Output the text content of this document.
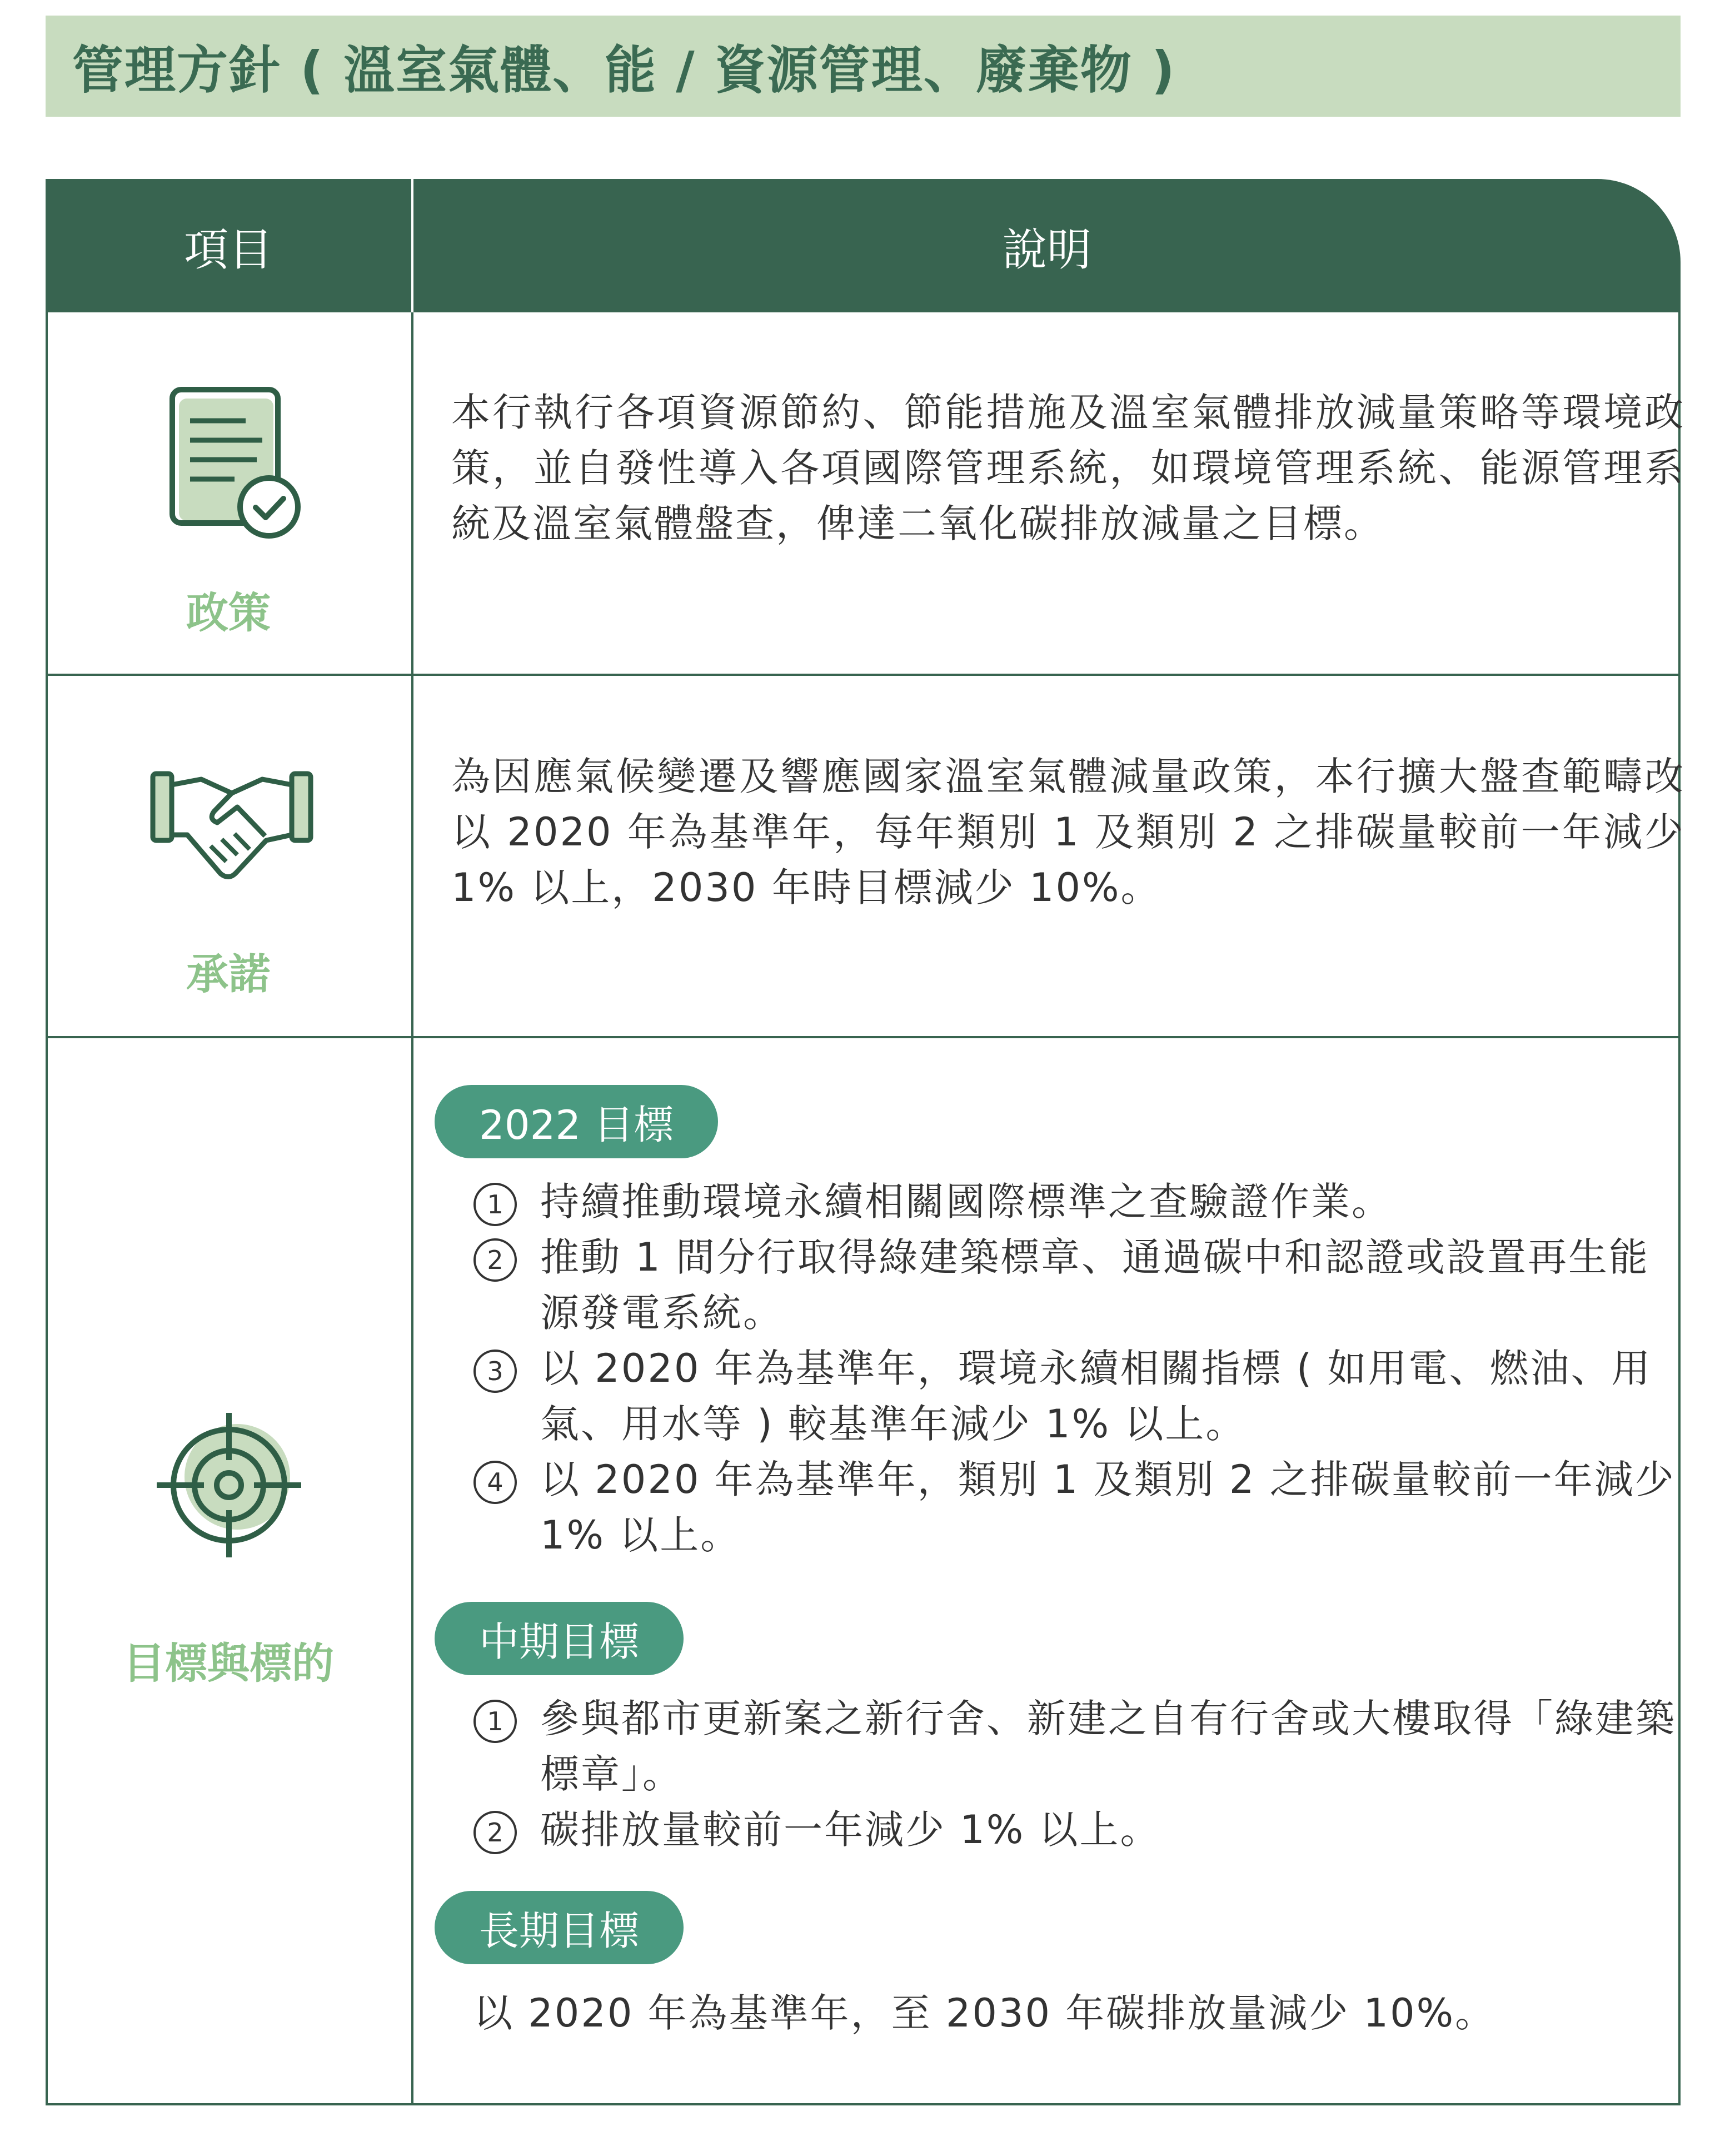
管理方針 ( 溫室氣體、能 / 資源管理、廢棄物 )
項目	說明
政策

本行執行各項資源節約、節能措施及溫室氣體排放減量策略等環境政策，並自發性導入各項國際管理系統，如環境管理系統、能源管理系統及溫室氣體盤查，俾達二氧化碳排放減量之目標。

承諾

為因應氣候變遷及響應國家溫室氣體減量政策，本行擴大盤查範疇改以 2020 年為基準年，每年類別 1 及類別 2 之排碳量較前一年減少 1% 以上，2030 年時目標減少 10%。

目標與標的
2022 目標
1 持續推動環境永續相關國際標準之查驗證作業。
2 推動 1 間分行取得綠建築標章、通過碳中和認證或設置再生能源發電系統。
3 以 2020 年為基準年，環境永續相關指標 ( 如用電、燃油、用氣、用水等 ) 較基準年減少 1% 以上。
4 以 2020 年為基準年，類別 1 及類別 2 之排碳量較前一年減少 1% 以上。
中期目標
1 參與都市更新案之新行舍、新建之自有行舍或大樓取得「綠建築標章」。
2 碳排放量較前一年減少 1% 以上。
長期目標

以 2020 年為基準年，至 2030 年碳排放量減少 10%。
